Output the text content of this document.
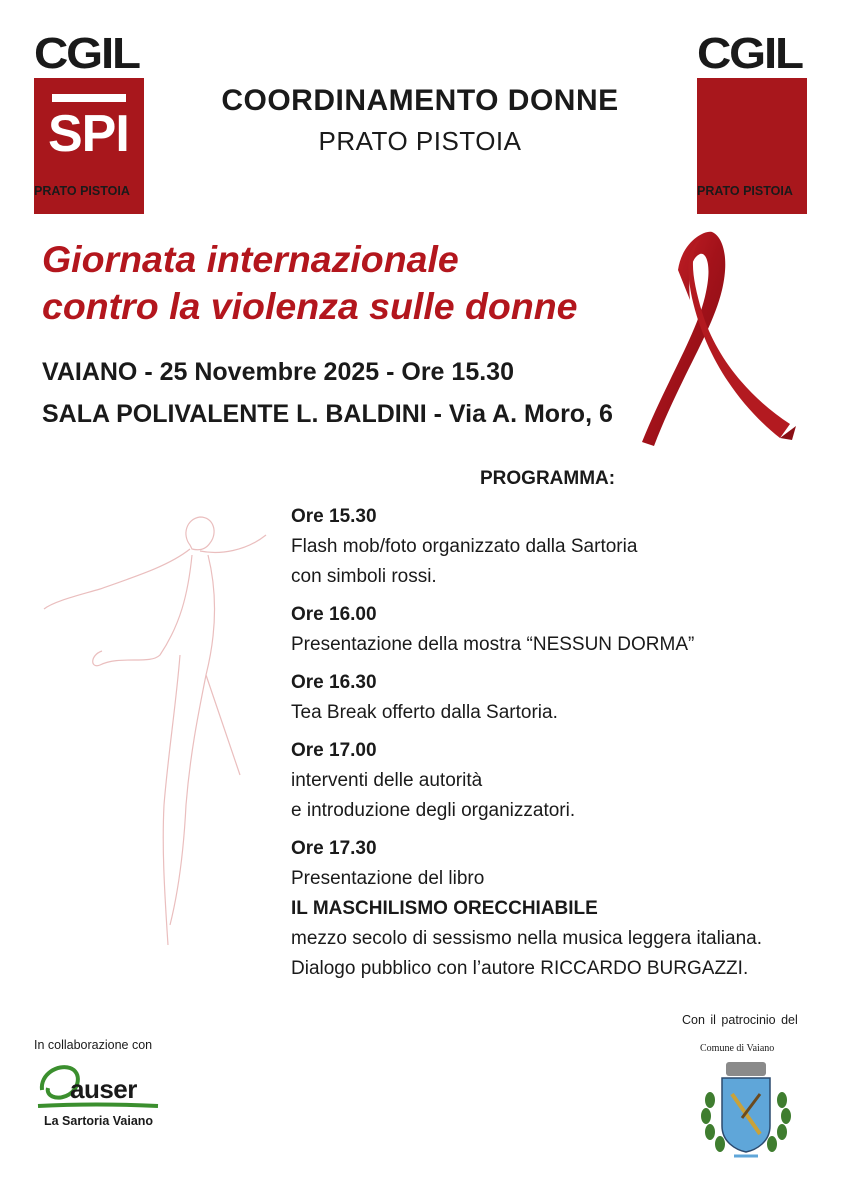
CGIL
SPI
PRATO PISTOIA
CGIL
PRATO PISTOIA
COORDINAMENTO DONNE
PRATO PISTOIA
Giornata internazionale
contro la violenza sulle donne
VAIANO - 25 Novembre 2025 - Ore 15.30
SALA POLIVALENTE L. BALDINI - Via A. Moro, 6
PROGRAMMA:
Ore 15.30
Flash mob/foto organizzato dalla Sartoria
con simboli rossi.
Ore 16.00
Presentazione della mostra “NESSUN DORMA”
Ore 16.30
Tea Break offerto dalla Sartoria.
Ore 17.00
interventi delle autorità
e introduzione degli organizzatori.
Ore 17.30
Presentazione del libro
IL MASCHILISMO ORECCHIABILE
mezzo secolo di sessismo nella musica leggera italiana.
Dialogo pubblico con l’autore RICCARDO BURGAZZI.
In collaborazione con
auser
La Sartoria Vaiano
Con il patrocinio del
Comune di Vaiano
